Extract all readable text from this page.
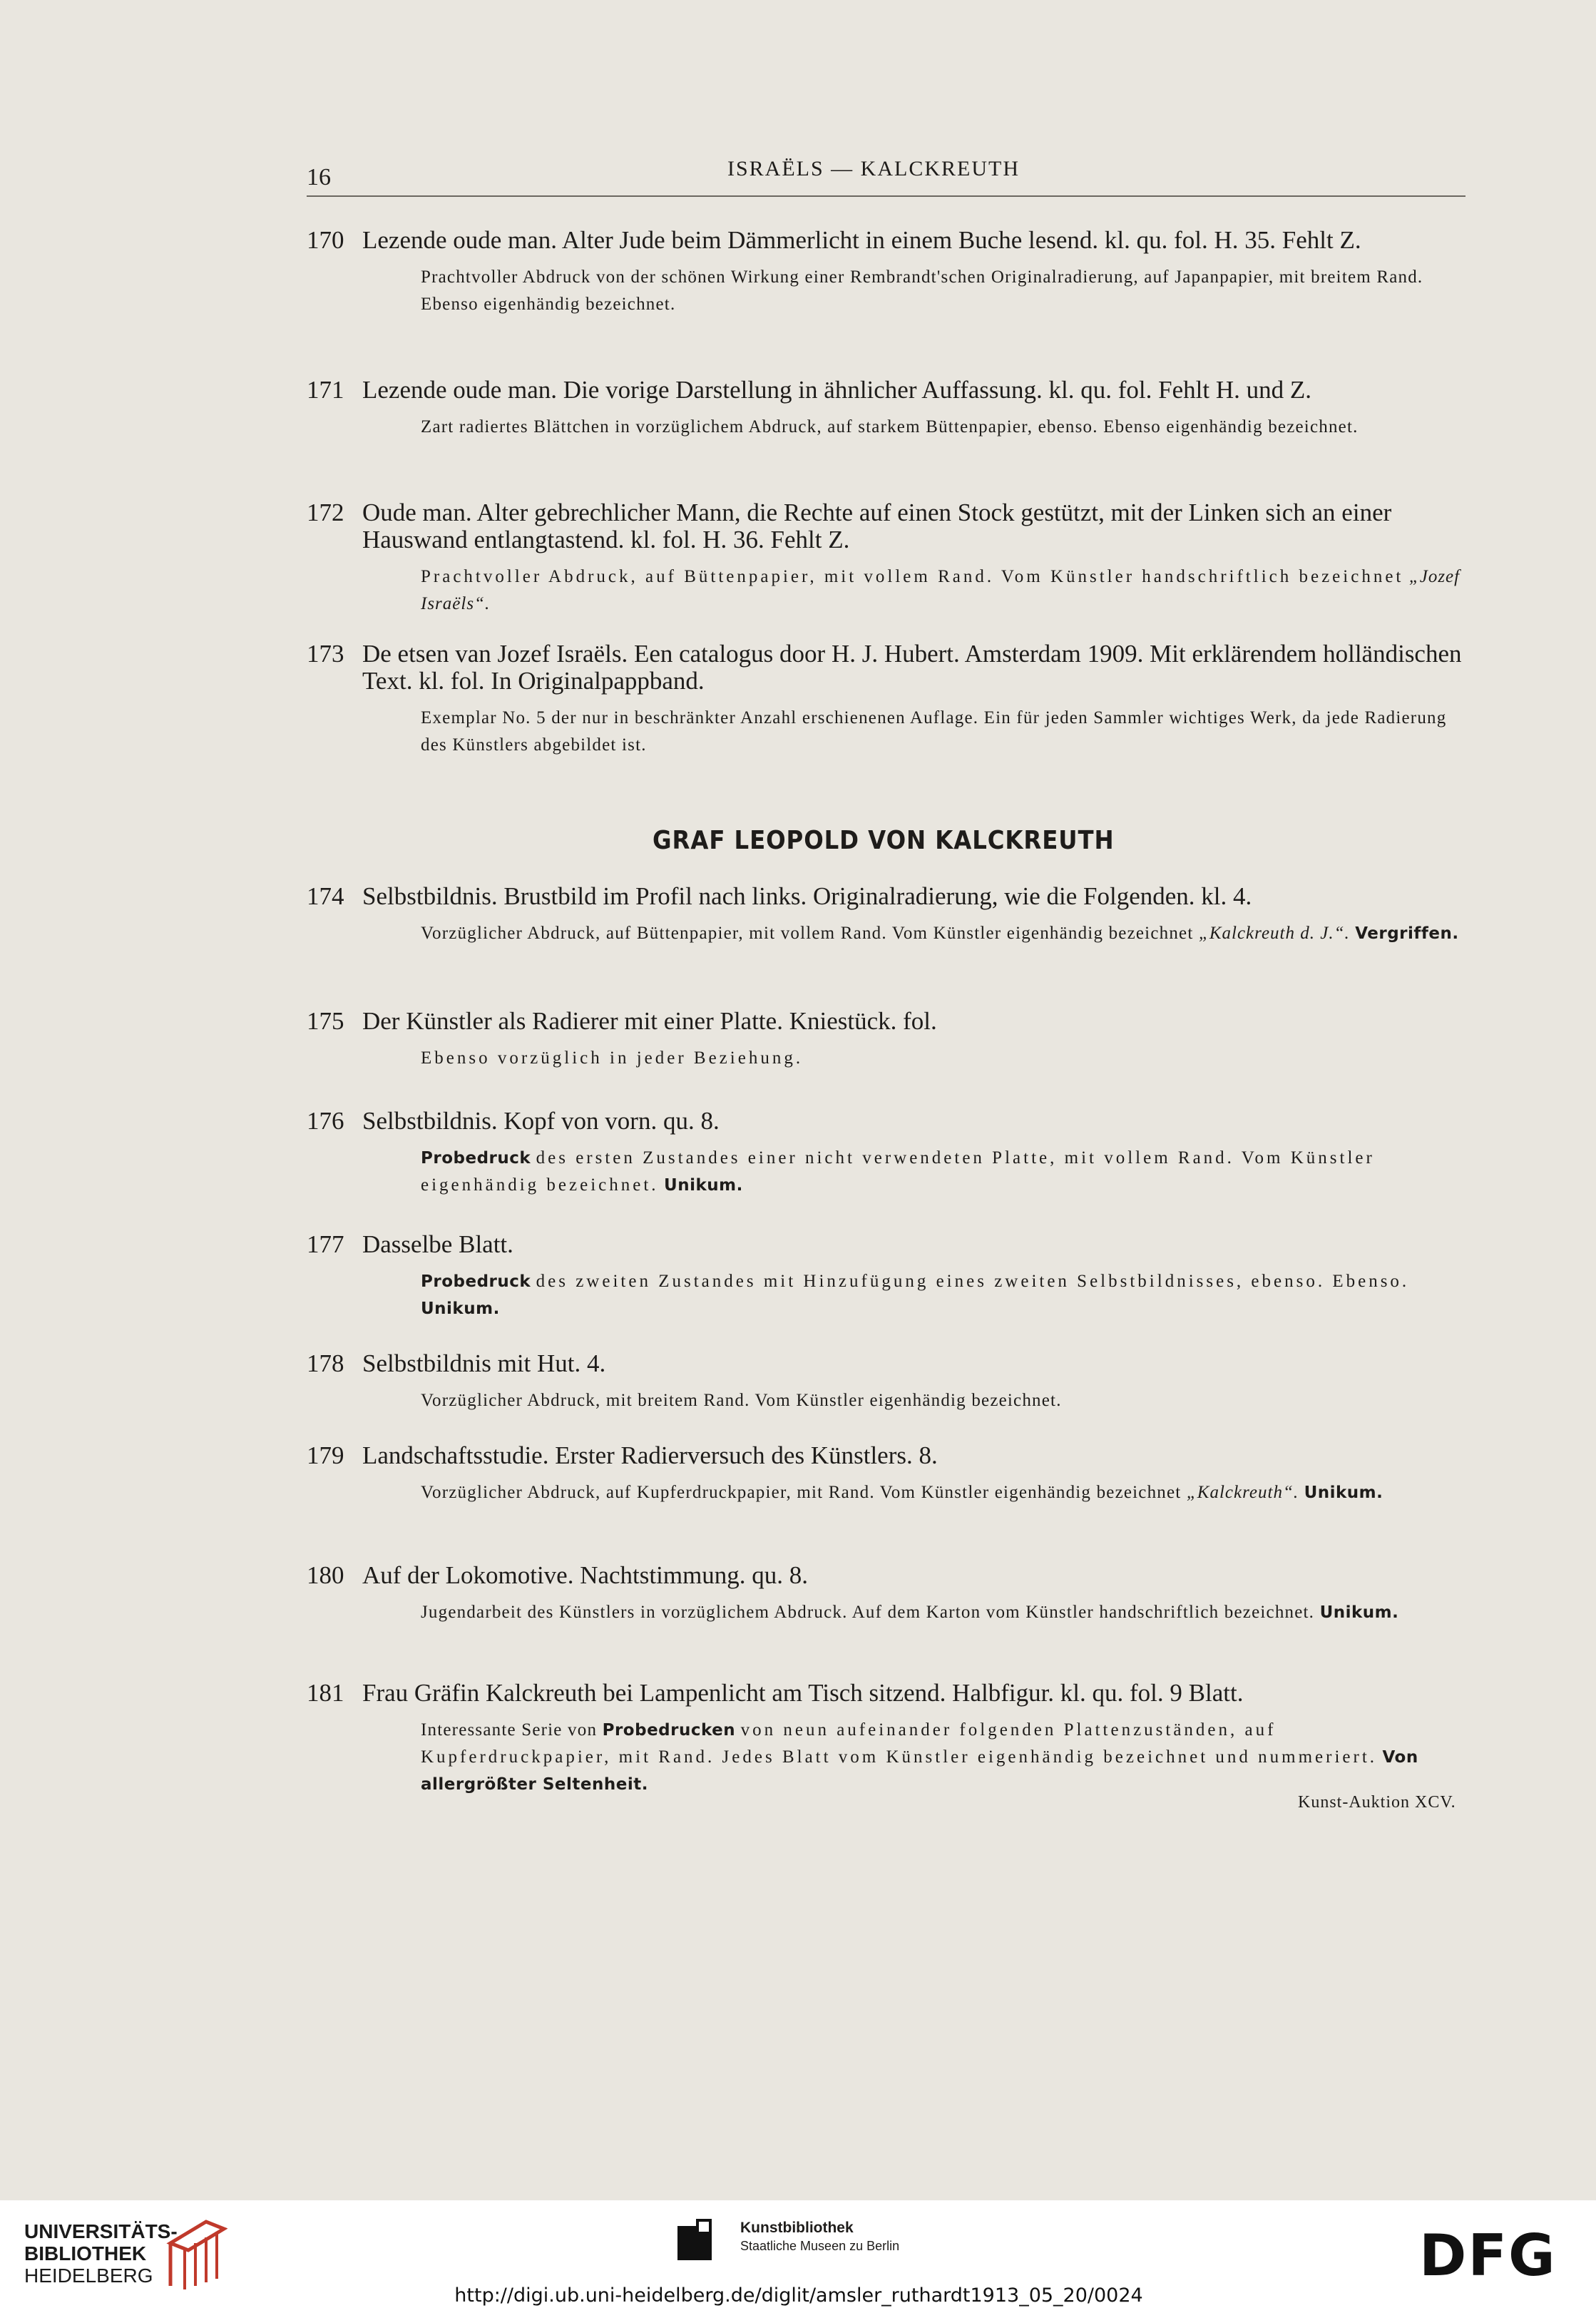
16	ISRAËLS — KALCKREUTH
170 Lezende oude man. Alter Jude beim Dämmerlicht in einem Buche lesend. kl. qu. fol. H. 35. Fehlt Z.
Prachtvoller Abdruck von der schönen Wirkung einer Rembrandt'schen Originalradierung, auf Japanpapier, mit breitem Rand. Ebenso eigenhändig bezeichnet.
171 Lezende oude man. Die vorige Darstellung in ähnlicher Auffassung. kl. qu. fol. Fehlt H. und Z.
Zart radiertes Blättchen in vorzüglichem Abdruck, auf starkem Büttenpapier, ebenso. Ebenso eigenhändig bezeichnet.
172 Oude man. Alter gebrechlicher Mann, die Rechte auf einen Stock gestützt, mit der Linken sich an einer Hauswand entlangtastend. kl. fol. H. 36. Fehlt Z.
Prachtvoller Abdruck, auf Büttenpapier, mit vollem Rand. Vom Künstler handschriftlich bezeichnet „Jozef Israëls“.
173 De etsen van Jozef Israëls. Een catalogus door H. J. Hubert. Amsterdam 1909. Mit erklärendem holländischen Text. kl. fol. In Originalpappband.
Exemplar No. 5 der nur in beschränkter Anzahl erschienenen Auflage. Ein für jeden Sammler wichtiges Werk, da jede Radierung des Künstlers abgebildet ist.
GRAF LEOPOLD VON KALCKREUTH
174 Selbstbildnis. Brustbild im Profil nach links. Originalradierung, wie die Folgenden. kl. 4.
Vorzüglicher Abdruck, auf Büttenpapier, mit vollem Rand. Vom Künstler eigenhändig bezeichnet „Kalckreuth d. J.“. Vergriffen.
175 Der Künstler als Radierer mit einer Platte. Kniestück. fol.
Ebenso vorzüglich in jeder Beziehung.
176 Selbstbildnis. Kopf von vorn. qu. 8.
Probedruck des ersten Zustandes einer nicht verwendeten Platte, mit vollem Rand. Vom Künstler eigenhändig bezeichnet. Unikum.
177 Dasselbe Blatt.
Probedruck des zweiten Zustandes mit Hinzufügung eines zweiten Selbstbildnisses, ebenso. Ebenso. Unikum.
178 Selbstbildnis mit Hut. 4.
Vorzüglicher Abdruck, mit breitem Rand. Vom Künstler eigenhändig bezeichnet.
179 Landschaftsstudie. Erster Radierversuch des Künstlers. 8.
Vorzüglicher Abdruck, auf Kupferdruckpapier, mit Rand. Vom Künstler eigenhändig bezeichnet „Kalckreuth“. Unikum.
180 Auf der Lokomotive. Nachtstimmung. qu. 8.
Jugendarbeit des Künstlers in vorzüglichem Abdruck. Auf dem Karton vom Künstler handschriftlich bezeichnet. Unikum.
181 Frau Gräfin Kalckreuth bei Lampenlicht am Tisch sitzend. Halbfigur. kl. qu. fol. 9 Blatt.
Interessante Serie von Probedrucken von neun aufeinander folgenden Plattenzuständen, auf Kupferdruckpapier, mit Rand. Jedes Blatt vom Künstler eigenhändig bezeichnet und nummeriert. Von allergrößter Seltenheit.
Kunst-Auktion XCV.
UNIVERSITÄTS-
BIBLIOTHEK
HEIDELBERG
Kunstbibliothek
Staatliche Museen zu Berlin	DFG
http://digi.ub.uni-heidelberg.de/diglit/amsler_ruthardt1913_05_20/0024
